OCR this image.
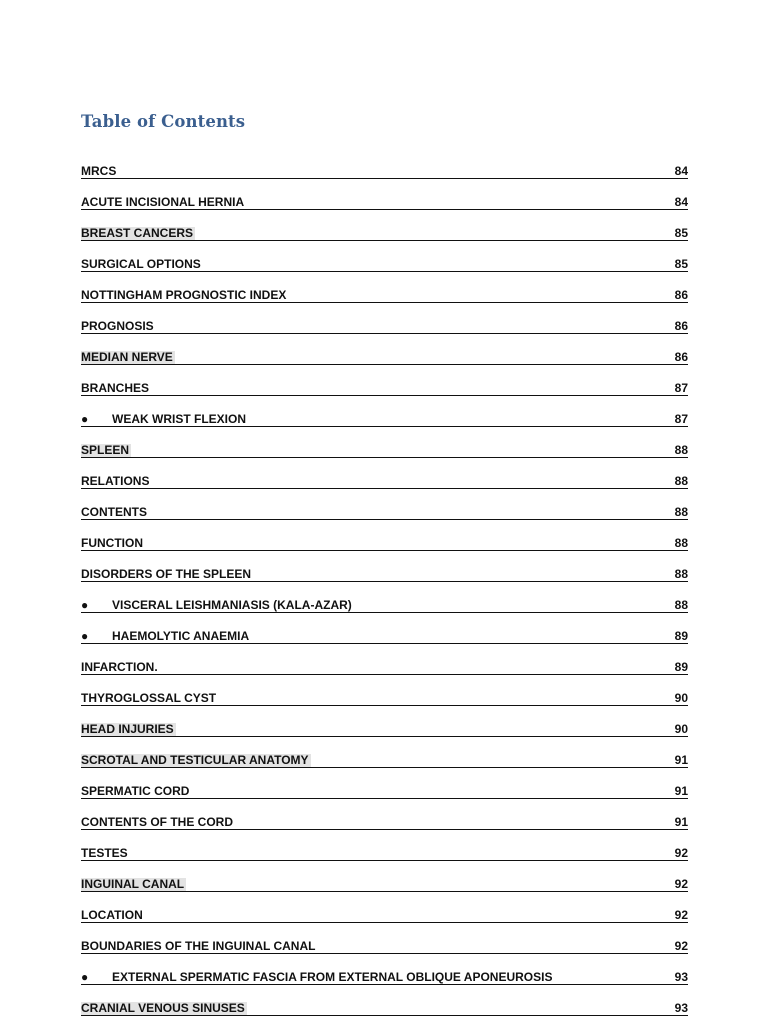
Table of Contents
MRCS	84
ACUTE INCISIONAL HERNIA	84
BREAST CANCERS	85
SURGICAL OPTIONS	85
NOTTINGHAM PROGNOSTIC INDEX	86
PROGNOSIS	86
MEDIAN NERVE	86
BRANCHES	87
● WEAK WRIST FLEXION	87
SPLEEN	88
RELATIONS	88
CONTENTS	88
FUNCTION	88
DISORDERS OF THE SPLEEN	88
● VISCERAL LEISHMANIASIS (KALA-AZAR)	88
● HAEMOLYTIC ANAEMIA	89
INFARCTION.	89
THYROGLOSSAL CYST	90
HEAD INJURIES	90
SCROTAL AND TESTICULAR ANATOMY	91
SPERMATIC CORD	91
CONTENTS OF THE CORD	91
TESTES	92
INGUINAL CANAL	92
LOCATION	92
BOUNDARIES OF THE INGUINAL CANAL	92
● EXTERNAL SPERMATIC FASCIA FROM EXTERNAL OBLIQUE APONEUROSIS	93
CRANIAL VENOUS SINUSES	93
